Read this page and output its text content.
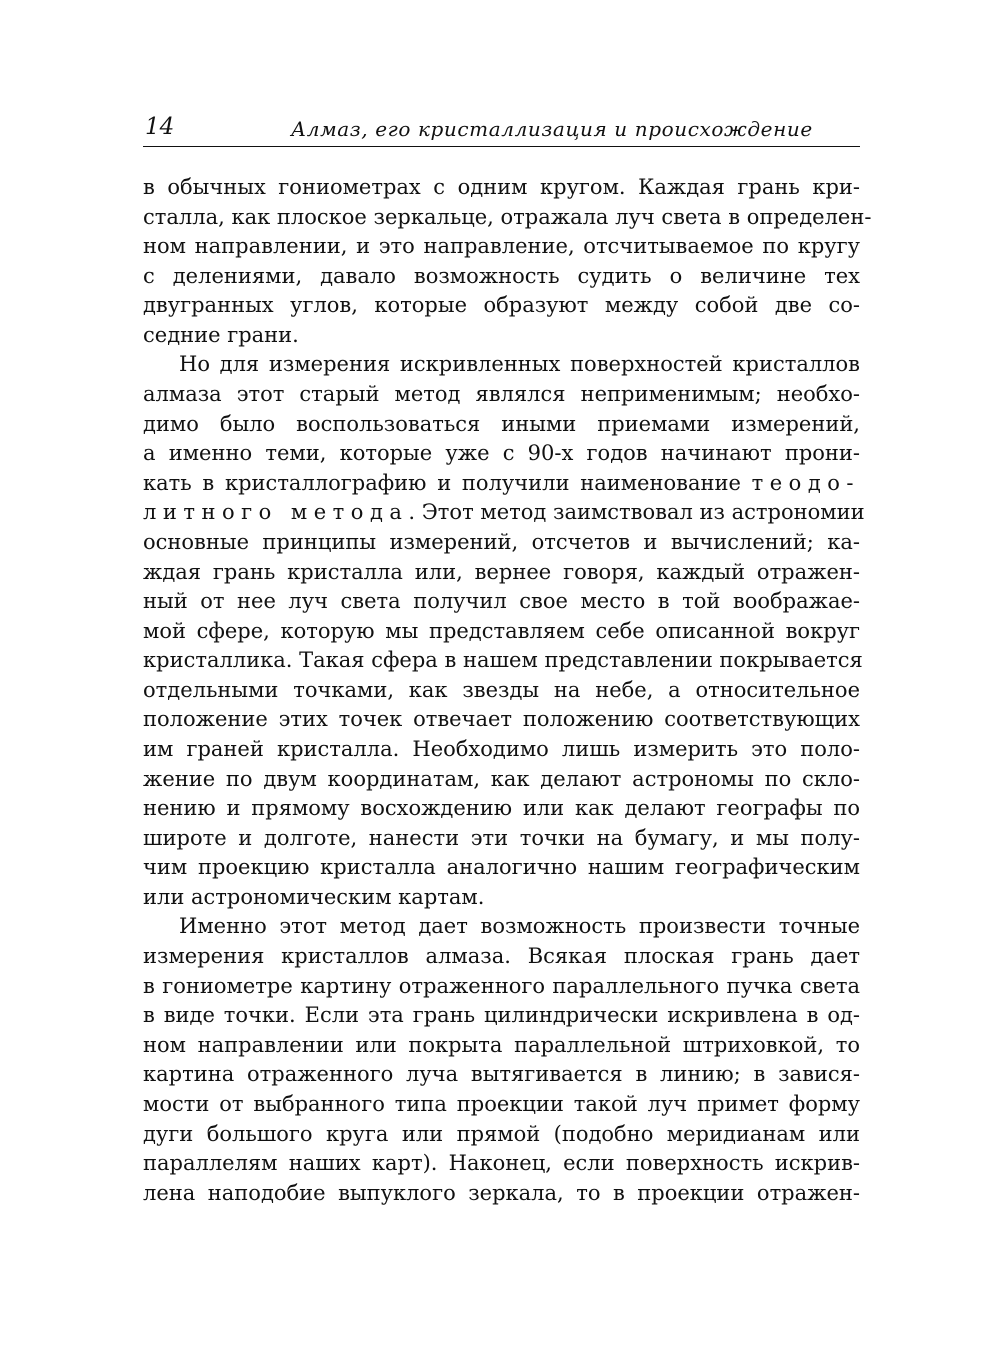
14	Алмаз, его кристаллизация и происхождение
в обычных гониометрах с одним кругом. Каждая грань кри-
сталла, как плоское зеркальце, отражала луч света в определен-
ном направлении, и это направление, отсчитываемое по кругу
с делениями, давало возможность судить о величине тех
двугранных углов, которые образуют между собой две со-
седние грани.
Но для измерения искривленных поверхностей кристаллов
алмаза этот старый метод являлся неприменимым; необхо-
димо было воспользоваться иными приемами измерений,
а именно теми, которые уже с 90-х годов начинают прони-
кать в кристаллографию и получили наименование теодо-
литного метода. Этот метод заимствовал из астрономии
основные принципы измерений, отсчетов и вычислений; ка-
ждая грань кристалла или, вернее говоря, каждый отражен-
ный от нее луч света получил свое место в той воображае-
мой сфере, которую мы представляем себе описанной вокруг
кристаллика. Такая сфера в нашем представлении покрывается
отдельными точками, как звезды на небе, а относительное
положение этих точек отвечает положению соответствующих
им граней кристалла. Необходимо лишь измерить это поло-
жение по двум координатам, как делают астрономы по скло-
нению и прямому восхождению или как делают географы по
широте и долготе, нанести эти точки на бумагу, и мы полу-
чим проекцию кристалла аналогично нашим географическим
или астрономическим картам.
Именно этот метод дает возможность произвести точные
измерения кристаллов алмаза. Всякая плоская грань дает
в гониометре картину отраженного параллельного пучка света
в виде точки. Если эта грань цилиндрически искривлена в од-
ном направлении или покрыта параллельной штриховкой, то
картина отраженного луча вытягивается в линию; в завися-
мости от выбранного типа проекции такой луч примет форму
дуги большого круга или прямой (подобно меридианам или
параллелям наших карт). Наконец, если поверхность искрив-
лена наподобие выпуклого зеркала, то в проекции отражен-
